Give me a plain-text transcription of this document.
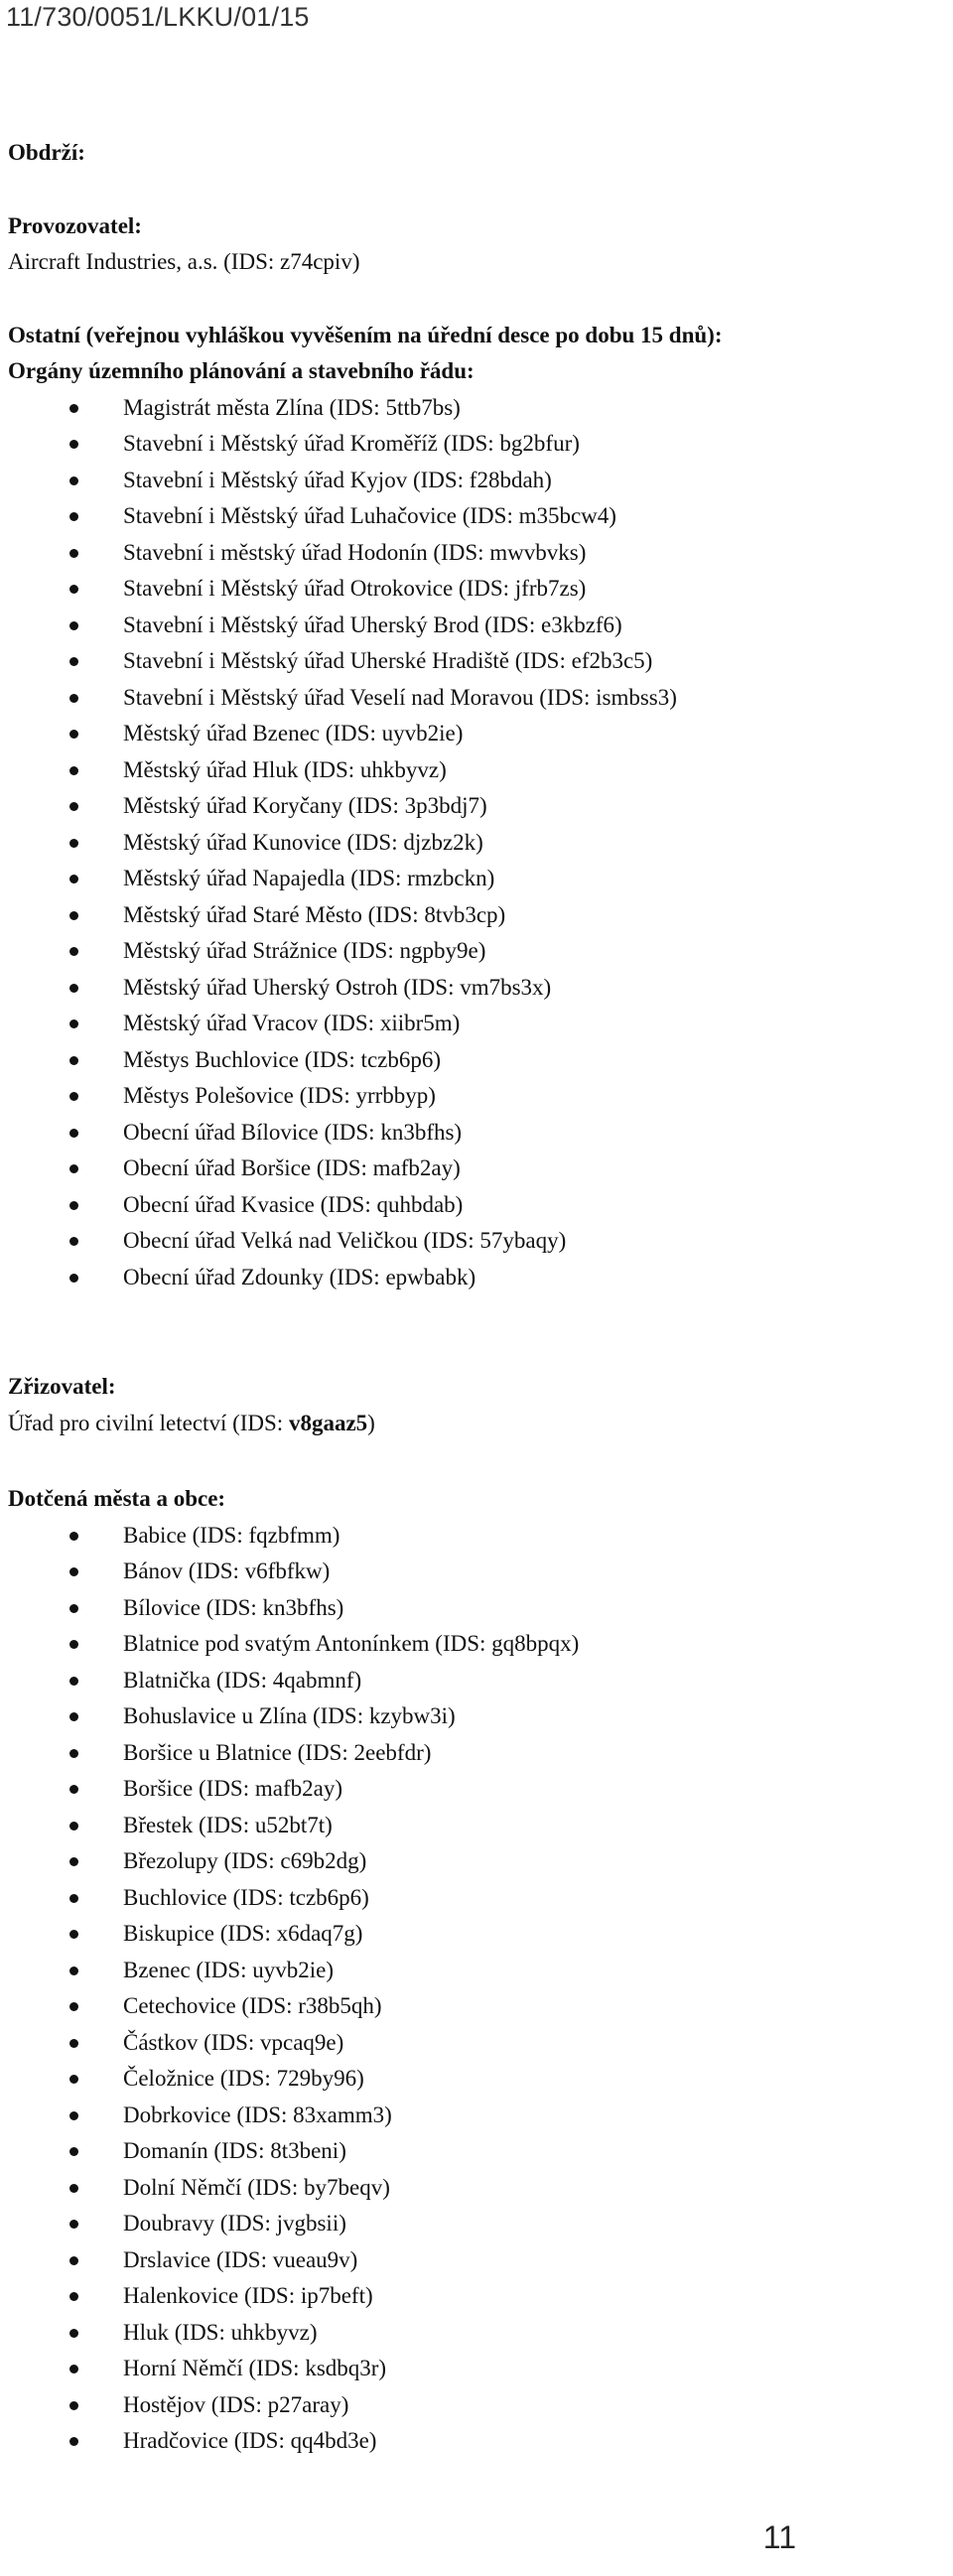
11/730/0051/LKKU/01/15

Obdrží:

Provozovatel:

Aircraft Industries, a.s. (IDS: z74cpiv)

Ostatní (veřejnou vyhláškou vyvěšením na úřední desce po dobu 15 dnů):

Orgány územního plánování a stavebního řádu:

Magistrát města Zlína (IDS: 5ttb7bs)
Stavební i Městský úřad Kroměříž (IDS: bg2bfur)
Stavební i Městský úřad Kyjov (IDS: f28bdah)
Stavební i Městský úřad Luhačovice (IDS: m35bcw4)
Stavební i městský úřad Hodonín (IDS: mwvbvks)
Stavební i Městský úřad Otrokovice (IDS: jfrb7zs)
Stavební i Městský úřad Uherský Brod (IDS: e3kbzf6)
Stavební i Městský úřad Uherské Hradiště (IDS: ef2b3c5)
Stavební i Městský úřad Veselí nad Moravou (IDS: ismbss3)
Městský úřad Bzenec (IDS: uyvb2ie)
Městský úřad Hluk (IDS: uhkbyvz)
Městský úřad Koryčany (IDS: 3p3bdj7)
Městský úřad Kunovice (IDS: djzbz2k)
Městský úřad Napajedla (IDS: rmzbckn)
Městský úřad Staré Město (IDS: 8tvb3cp)
Městský úřad Strážnice (IDS: ngpby9e)
Městský úřad Uherský Ostroh (IDS: vm7bs3x)
Městský úřad Vracov (IDS: xiibr5m)
Městys Buchlovice (IDS: tczb6p6)
Městys Polešovice (IDS: yrrbbyp)
Obecní úřad Bílovice (IDS: kn3bfhs)
Obecní úřad Boršice (IDS: mafb2ay)
Obecní úřad Kvasice (IDS: quhbdab)
Obecní úřad Velká nad Veličkou (IDS: 57ybaqy)
Obecní úřad Zdounky (IDS: epwbabk)

Zřizovatel:

Úřad pro civilní letectví (IDS: v8gaaz5)

Dotčená města a obce:

Babice (IDS: fqzbfmm)
Bánov (IDS: v6fbfkw)
Bílovice (IDS: kn3bfhs)
Blatnice pod svatým Antonínkem (IDS: gq8bpqx)
Blatnička (IDS: 4qabmnf)
Bohuslavice u Zlína (IDS: kzybw3i)
Boršice u Blatnice (IDS: 2eebfdr)
Boršice (IDS: mafb2ay)
Břestek (IDS: u52bt7t)
Březolupy (IDS: c69b2dg)
Buchlovice (IDS: tczb6p6)
Biskupice (IDS: x6daq7g)
Bzenec (IDS: uyvb2ie)
Cetechovice (IDS: r38b5qh)
Částkov (IDS: vpcaq9e)
Čeložnice (IDS: 729by96)
Dobrkovice (IDS: 83xamm3)
Domanín (IDS: 8t3beni)
Dolní Němčí (IDS: by7beqv)
Doubravy (IDS: jvgbsii)
Drslavice (IDS: vueau9v)
Halenkovice (IDS: ip7beft)
Hluk (IDS: uhkbyvz)
Horní Němčí (IDS: ksdbq3r)
Hostějov (IDS: p27aray)
Hradčovice (IDS: qq4bd3e)
11
